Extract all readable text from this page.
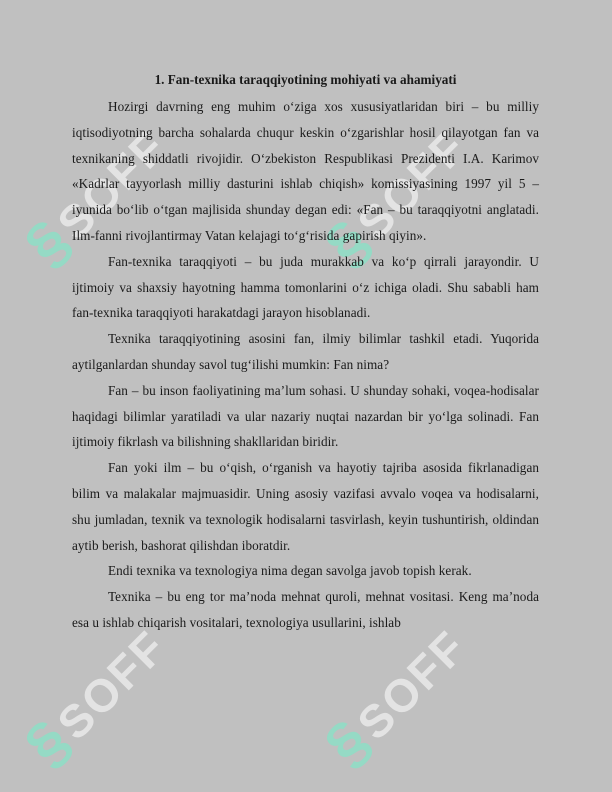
§ SOFF § SOFF
§ SOFF § SOFF
1. Fan-texnika taraqqiyotining mohiyati va ahamiyati

Hozirgi davrning eng muhim o‘ziga xos xususiyatlaridan biri – bu milliy iqtisodiyotning barcha sohalarda chuqur keskin o‘zgarishlar hosil qilayotgan fan va texnikaning shiddatli rivojidir. O‘zbekiston Respublikasi Prezidenti I.A. Karimov «Kadrlar tayyorlash milliy dasturini ishlab chiqish» komissiyasining 1997 yil 5 – iyunida bo‘lib o‘tgan majlisida shunday degan edi: «Fan – bu taraqqiyotni anglatadi. Ilm-fanni rivojlantirmay Vatan kelajagi to‘g‘risida gapirish qiyin».

Fan-texnika taraqqiyoti – bu juda murakkab va ko‘p qirrali jarayondir. U ijtimoiy va shaxsiy hayotning hamma tomonlarini o‘z ichiga oladi. Shu sababli ham fan-texnika taraqqiyoti harakatdagi jarayon hisoblanadi.

Texnika taraqqiyotining asosini fan, ilmiy bilimlar tashkil etadi. Yuqorida aytilganlardan shunday savol tug‘ilishi mumkin: Fan nima?

Fan – bu inson faoliyatining ma’lum sohasi. U shunday sohaki, voqea-hodisalar haqidagi bilimlar yaratiladi va ular nazariy nuqtai nazardan bir yo‘lga solinadi. Fan ijtimoiy fikrlash va bilishning shakllaridan biridir.

Fan yoki ilm – bu o‘qish, o‘rganish va hayotiy tajriba asosida fikrlanadigan bilim va malakalar majmuasidir. Uning asosiy vazifasi avvalo voqea va hodisalarni, shu jumladan, texnik va texnologik hodisalarni tasvirlash, keyin tushuntirish, oldindan aytib berish, bashorat qilishdan iboratdir.

Endi texnika va texnologiya nima degan savolga javob topish kerak.

Texnika – bu eng tor ma’noda mehnat quroli, mehnat vositasi. Keng ma’noda esa u ishlab chiqarish vositalari, texnologiya usullarini, ishlab
